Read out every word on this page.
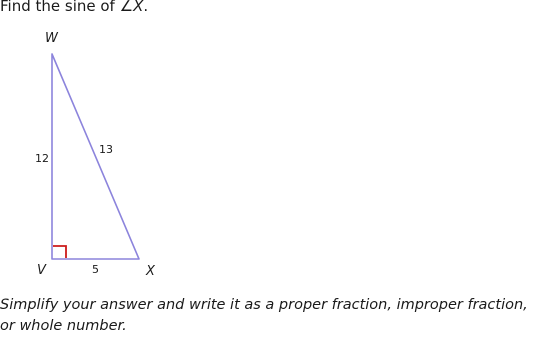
Find the sine of ∠X.
W
V	X
12
5
13
Simplify your answer and write it as a proper fraction, improper fraction,
or whole number.
